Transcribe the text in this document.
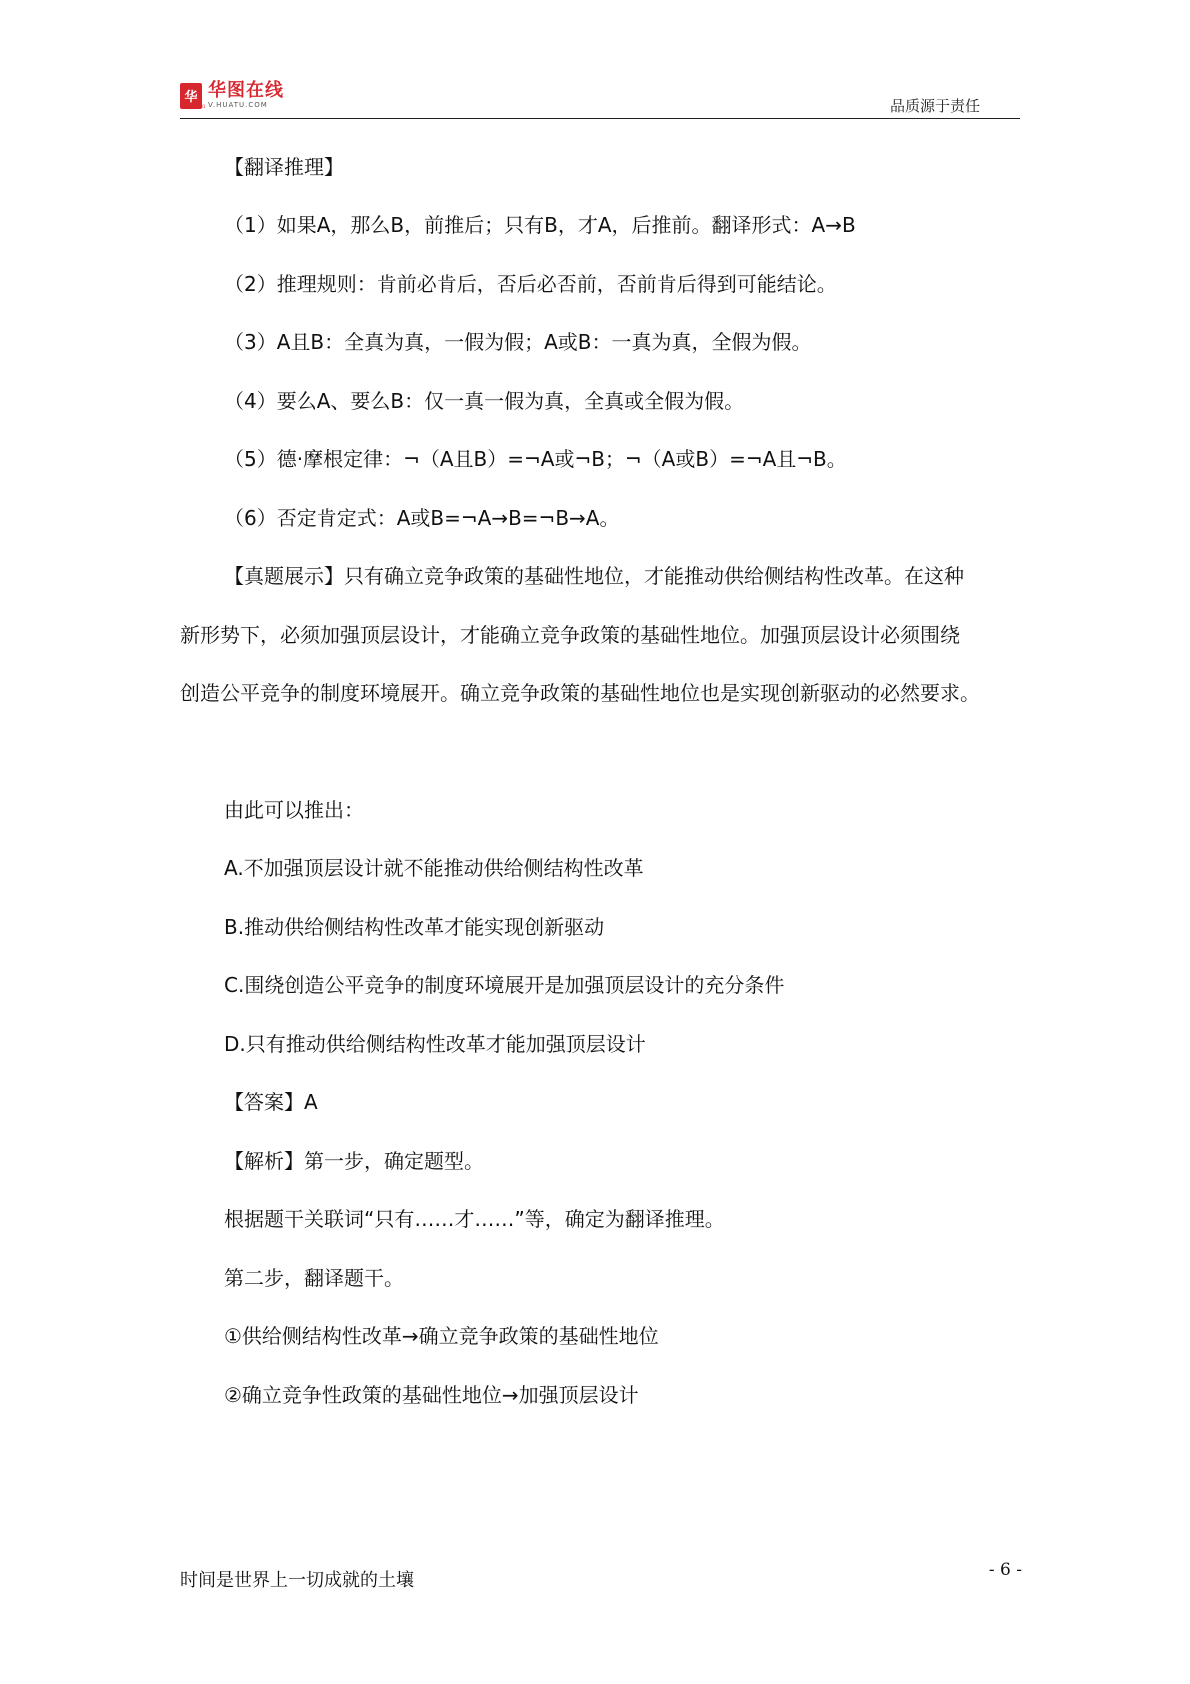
华 华图在线
V.HUATU.COM
SINCE 2001	品质源于责任
【翻译推理】
（1）如果A，那么B，前推后；只有B，才A，后推前。翻译形式：A→B
（2）推理规则：肯前必肯后，否后必否前，否前肯后得到可能结论。
（3）A且B：全真为真，一假为假；A或B：一真为真，全假为假。
（4）要么A、要么B：仅一真一假为真，全真或全假为假。
（5）德·摩根定律：¬（A且B）=¬A或¬B；¬（A或B）=¬A且¬B。
（6）否定肯定式：A或B=¬A→B=¬B→A。
【真题展示】只有确立竞争政策的基础性地位，才能推动供给侧结构性改革。在这种
新形势下，必须加强顶层设计，才能确立竞争政策的基础性地位。加强顶层设计必须围绕
创造公平竞争的制度环境展开。确立竞争政策的基础性地位也是实现创新驱动的必然要求。
由此可以推出：
A.不加强顶层设计就不能推动供给侧结构性改革
B.推动供给侧结构性改革才能实现创新驱动
C.围绕创造公平竞争的制度环境展开是加强顶层设计的充分条件
D.只有推动供给侧结构性改革才能加强顶层设计
【答案】A
【解析】第一步，确定题型。
根据题干关联词“只有……才……”等，确定为翻译推理。
第二步，翻译题干。
①供给侧结构性改革→确立竞争政策的基础性地位
②确立竞争性政策的基础性地位→加强顶层设计
时间是世界上一切成就的土壤	- 6 -
